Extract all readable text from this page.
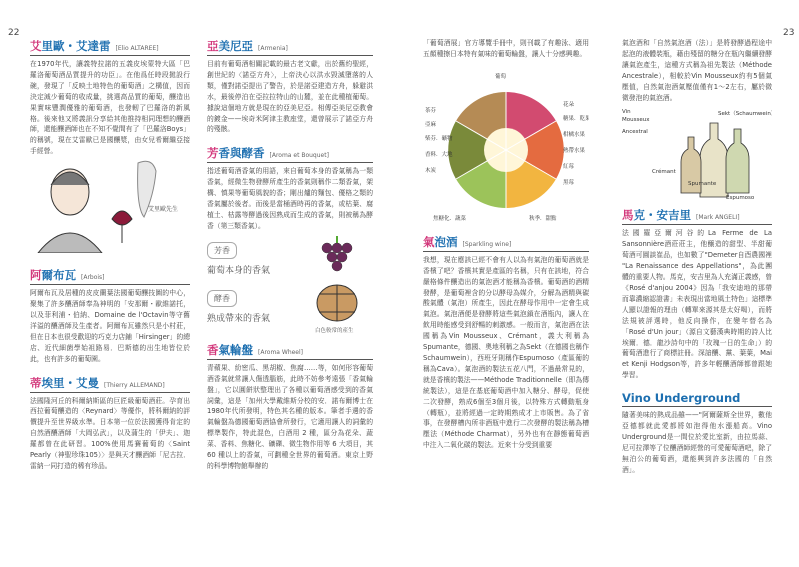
22	23
艾里歐・艾達雷 [Elio ALTAREE]

在1970年代，讓義特拉諾的五義皮埃蒙特大區「巴羅洛葡萄酒品質提升的功臣」。在他爲任時段拋設行碗，發現了「反映土地特色的葡萄酒」之構值，因而決定減少葡萄的收成量，挑選高品質的葡萄，釀造出果實味豐潤優雅的葡萄酒，也發軔了巴羅洛的新風格。後來他又將義訊分享給其他推持相同理想的釀酒師，還能釀酒師也在不知不覺間有了「巴羅洛Boys」的稱號，現在艾雷歐已是國釀漿，由女兒希爾繼亞接手經營。

艾里歐先生
阿爾布瓦 [Arbois]

阿爾布瓦及居種的皮皮蘭葉法國葡萄釀技圖的中心，聚集了許多釀酒師奉為神明的「安那爾・歐維諾托，以及菲利浦・伯納、Domaine de l'Octavin等守舊洋溢的釀酒師及生產者。阿爾布瓦雖然只是小村莊，但在日本也很受歡迎的巧克力店鋪「Hirsinger」的總店、近代細菌學始祖路易．巴斯德的出生地皆位於此，也有許多的葡萄園。

蒂埃里・艾曼 [Thierry ALLEMAND]

法國隆河丘的科爾納斯區的巨匠級葡萄酒莊。孕育出西拉葡萄釀造的〈Reynard〉等優作，將科爾納的評價提升至世界級水準。日本第一位於法國獲得肯定的自然酒釀酒師「大岡弘武」，以及蒲生的「伊夫」、迦羅都曾在此研習。100%使用馬賽葡萄的〈Saint Pearly（神聖珍珠105）〉是與天才釀酒師「尼古拉．雷納一同打造的稀有珍品。

亞美尼亞 [Armenia]

目前有葡萄酒相關記載的最古老文獻，出於舊約聖經，創世紀的〈諾亞方舟〉，上帝決心以洪水毀滅墮落的人類，僅對諾亞提出了警告，於是諾亞建造方舟，躲避洪水，最後停泊在亞拉拉特山的山麓，並在此種植葡萄。據說這個地方就是現在的亞美尼亞。相傳亞美尼亞教會的鍍金——埃奇米阿津主教座堂，還曾展示了諾亞方舟的殘骸。

芳香與酵香 [Aroma et Bouquet]

指述葡萄酒香氣的用語，來自葡萄本身的香氣稱為一類香氣，經微生物發酵所產生的香氣則稱作二類香氣，架構、慎果等葡萄風貌的香；剛出爐的麵包、優格之類的香氣屬於後者。而後是當桶酒時再的香氣，或枯葉、腐植土、枯露等酵過後因熟成而生成的香氣，則被稱為酵香（第三類香氣）。

芳香
葡萄本身的香氣
酵香
熟成帶來的香氣
白色較常的產生
香氣輪盤 [Aroma Wheel]

青蘋果、紛密瓜、黑胡椒、焦腐……等，如何形容葡萄酒香氣就常讓人傷透腦筋，此時不妨參考遠張「香氣輪盤」，它以圓餅狀整理出了各種以葡萄酒感受到的香氣詞彙，這是「加州大學戴維斯分校的安．諾布爾博士在1980年代所發明，特色其名種的版本。筆者手邊的香氣輪盤為德國葡萄酒協會所發行，它適用讓人的詞彙的標準製作，特此混色，白酒用 2 種，區分為花朵、蔬菜、香料、焦糖化、礦礫、微生物作用等 6 大項目，其 60 種以上的香氣，可劃種全世界的葡萄酒。東京上野的科學博物館舉辦的

「葡萄酒展」官方導覽手冊中，則刊載了有趣泳、適用五顏種擦日本特有氣味的葡萄輪盤，讓人十分感興趣。

葡萄
茶芬
亞麻
柴芬．礦物
香料．大地
木炭
花朵
糖果．乾果
柑橘水果
熱帶水果
紅莓
黑莓
焦糖化．蔬菜	秋季．甜點
氣泡酒 [Sparkling wine]

我想，現在應該已經不會有人以為有氣泡的葡萄酒就是香檳了吧？香檳其實是產區的名稱，只有在該地，符合嚴格條件釀造出的氣泡酒才能稱為香檳。葡萄酒的酒精發酵，是葡萄裡含的分以酵母為媒介，分解為酒精與碳酸氣體（氣泡）所產生，因此在酵母作用中一定會生成氣泡。氣泡酒便是發酵將這些氣泡鎖在酒瓶內，讓人在飲用時能感受到舒暢的刺激感。一般而言，氣泡酒在法國稱為Vin Mousseux、Crémant，義大利稱為Spumante，德國、奧地利稱之為Sekt（在德國也稱作Schaumwein），西班牙則稱作Espumoso（產區葡的稱為Cava）。氣泡酒的製法五花八門，不過最常見的，就是香檳的製法——Méthode Traditionnelle（即為傳統製法），這是在基底葡萄酒中加入糖分、酵母，促使二次發酵，熟成6個至3個月後，以特殊方式轉動瓶身（轉瓶），並將經過一定時期熟成才上市販售。為了省事，在發酵槽內所非酒瓶中進行二次發酵的製法稱為槽壓法（Méthode Charmat），另外也有在靜態葡萄酒中注入二氧化碳的製法。近來十分受到重要

氣泡酒和「自然氣泡酒（法）」是將發酵過程途中起泡的液體裝瓶，藉由殘留的糖分在瓶內繼續發酵讓氣泡產生，這種方式稱為祖先製法（Méthode Ancestrale），相較於Vin Mousseux約有5個氣壓值，自然氣泡酒氣壓值僅有1～2左右，屬於微微發泡的氣泡酒。

Vin
Mousseux
Ancestral
Sekt（Schaumwein）
Crémant
Spumante
Espumoso
馬克・安吉里 [Mark ANGELI]

法國羅亞爾河谷的La Ferme de La Sansonnière酒莊莊主，他醸造的甜型、半甜葡萄酒可圓談崔品，也如數了"Demeter自酉農國裡 "La Renaissance des Appellations"，為此團體的重要人物。馬克，安吉里為人充滿正義感，曾《Rosé d'anjou 2004》因為「我安迪地的那帶而靠濃縮認證書」未表現出當地風土特色」這標準人顯以證報的理由（轉單來源其是太好喝），而將法規被評選時，他反向操作，在變年替名為「Rosé d'Un jour」（源自文藝漢典時期的詩人比埃爾．德．龍沙詩句中的「玫瑰一日的生命」）的葡萄酒進行了商標註冊。深諳釀、黨、葉葉，Mai et Kenji Hodgson等，許多年輕釀酒師都曾跟她學習。

Vino Underground

隨著美味的熱成品雖——"阿爾薩斯全世界，數他亞德都就此愛都將如泡得他水漲船高。Vino Underground是一間位於愛比室新，由拉馬蒜、尼可拉澤等了位釀酒師經營的可愛葡萄酒吧，除了無泊公的葡萄酒，還能興到許多法國的「自然酒」。
